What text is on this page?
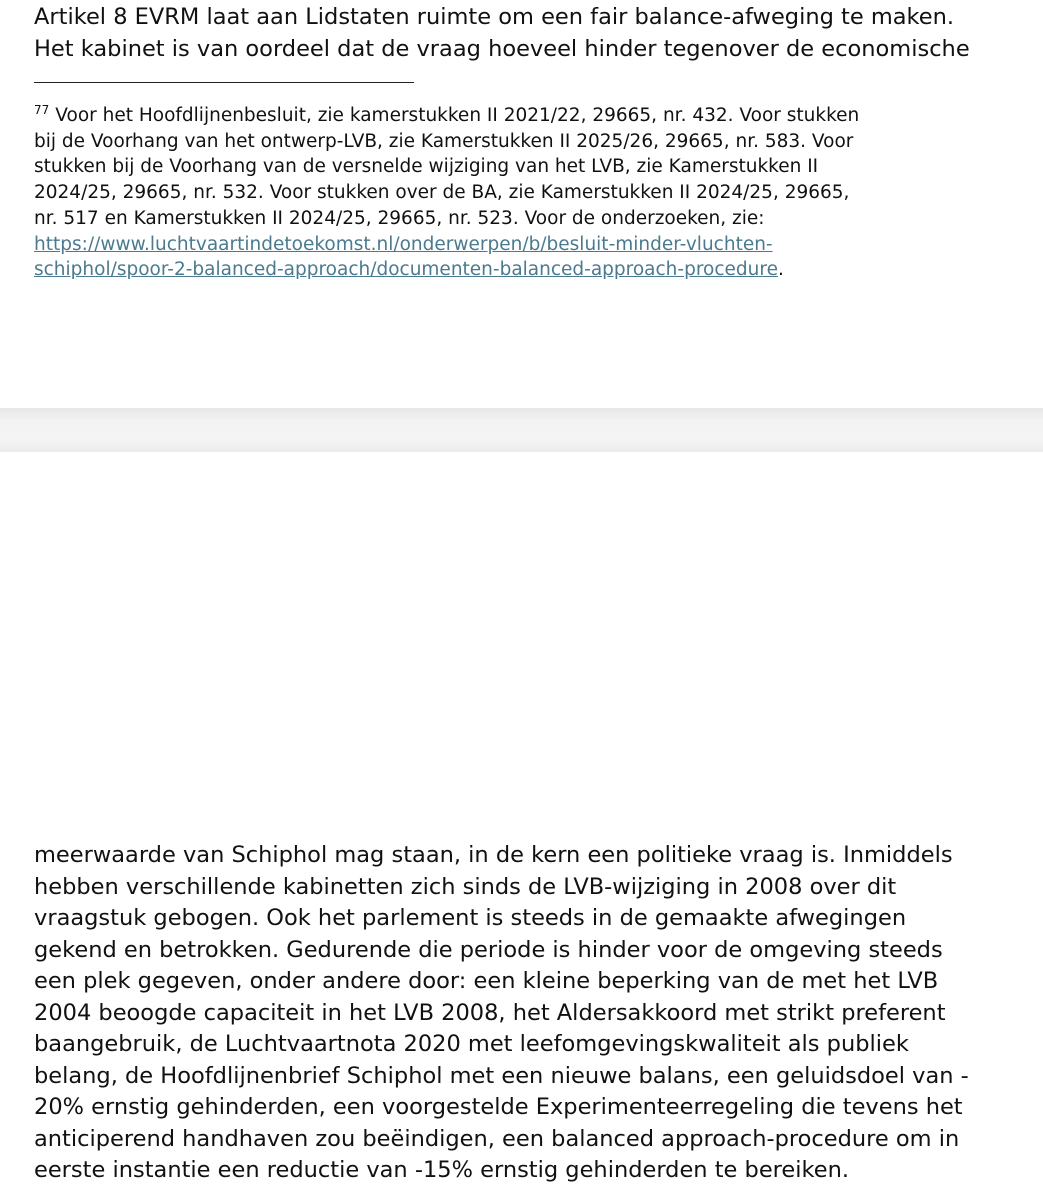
Artikel 8 EVRM laat aan Lidstaten ruimte om een fair balance-afweging te maken.
Het kabinet is van oordeel dat de vraag hoeveel hinder tegenover de economische
$^{77}$ Voor het Hoofdlijnenbesluit, zie kamerstukken II 2021/22, 29665, nr. 432. Voor stukken
bij de Voorhang van het ontwerp-LVB, zie Kamerstukken II 2025/26, 29665, nr. 583. Voor
stukken bij de Voorhang van de versnelde wijziging van het LVB, zie Kamerstukken II
2024/25, 29665, nr. 532. Voor stukken over de BA, zie Kamerstukken II 2024/25, 29665,
nr. 517 en Kamerstukken II 2024/25, 29665, nr. 523. Voor de onderzoeken, zie:
https://www.luchtvaartindetoekomst.nl/onderwerpen/b/besluit-minder-vluchten-
schiphol/spoor-2-balanced-approach/documenten-balanced-approach-procedure.
meerwaarde van Schiphol mag staan, in de kern een politieke vraag is. Inmiddels
hebben verschillende kabinetten zich sinds de LVB-wijziging in 2008 over dit
vraagstuk gebogen. Ook het parlement is steeds in de gemaakte afwegingen
gekend en betrokken. Gedurende die periode is hinder voor de omgeving steeds
een plek gegeven, onder andere door: een kleine beperking van de met het LVB
2004 beoogde capaciteit in het LVB 2008, het Aldersakkoord met strikt preferent
baangebruik, de Luchtvaartnota 2020 met leefomgevingskwaliteit als publiek
belang, de Hoofdlijnenbrief Schiphol met een nieuwe balans, een geluidsdoel van -
20% ernstig gehinderden, een voorgestelde Experimenteerregeling die tevens het
anticiperend handhaven zou beëindigen, een balanced approach-procedure om in
eerste instantie een reductie van -15% ernstig gehinderden te bereiken.
